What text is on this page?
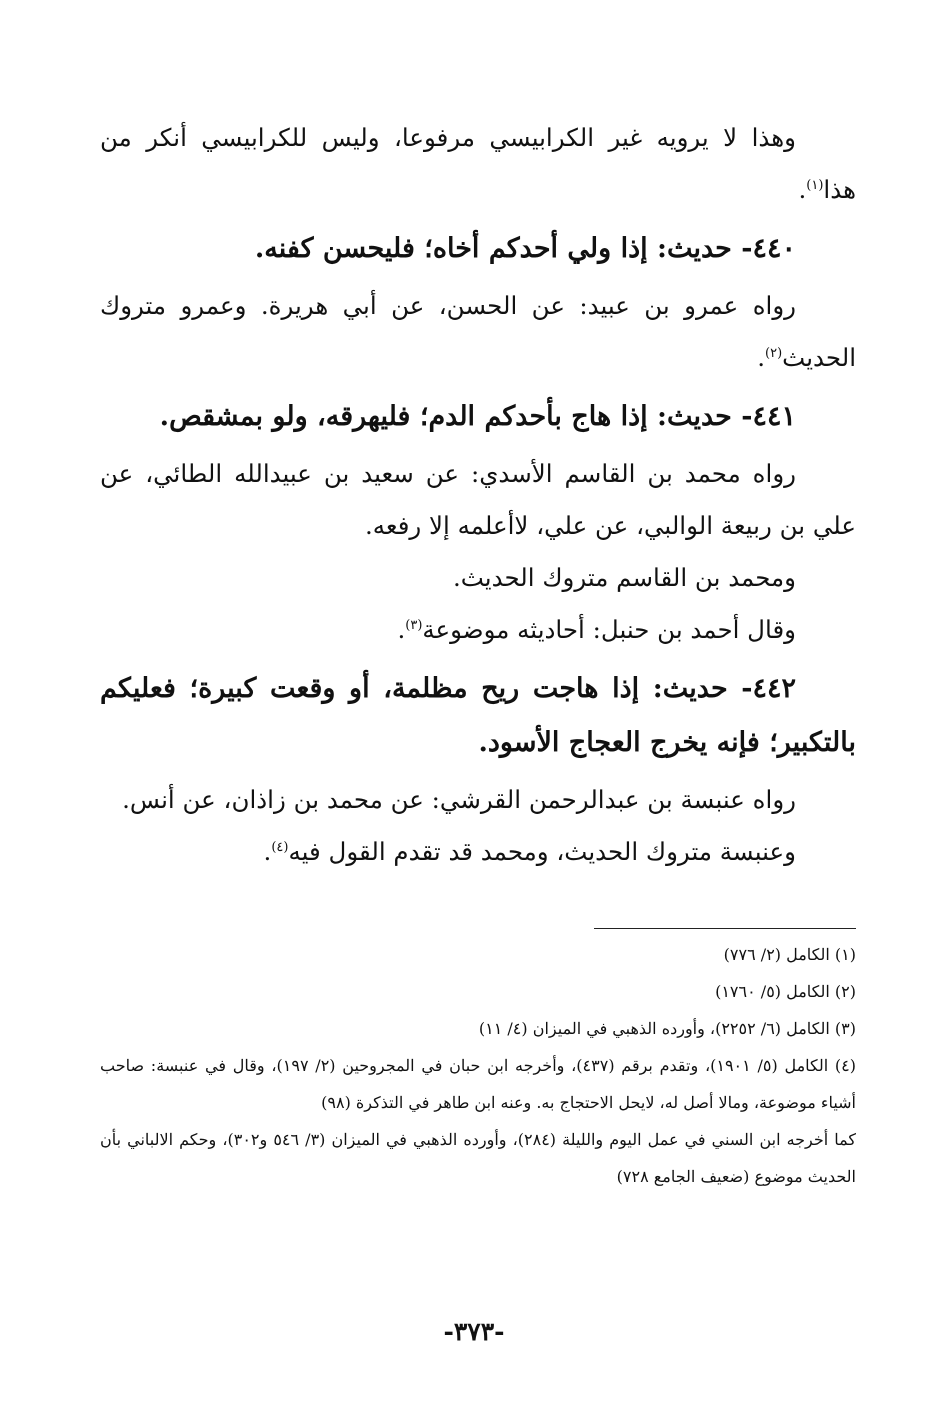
وهذا لا يرويه غير الكرابيسي مرفوعا، وليس للكرابيسي أنكر من هذا$^{(١)}$.

٤٤٠- حديث: إذا ولي أحدكم أخاه؛ فليحسن كفنه.

رواه عمرو بن عبيد: عن الحسن، عن أبي هريرة. وعمرو متروك الحديث$^{(٢)}$.

٤٤١- حديث: إذا هاج بأحدكم الدم؛ فليهرقه، ولو بمشقص.

رواه محمد بن القاسم الأسدي: عن سعيد بن عبيدالله الطائي، عن علي بن ربيعة الوالبي، عن علي، لاأعلمه إلا رفعه.

ومحمد بن القاسم متروك الحديث.

وقال أحمد بن حنبل: أحاديثه موضوعة$^{(٣)}$.

٤٤٢- حديث: إذا هاجت ريح مظلمة، أو وقعت كبيرة؛ فعليكم بالتكبير؛ فإنه يخرج العجاج الأسود.

رواه عنبسة بن عبدالرحمن القرشي: عن محمد بن زاذان، عن أنس.

وعنبسة متروك الحديث، ومحمد قد تقدم القول فيه$^{(٤)}$.

(١) الكامل (٢/ ٧٧٦)

(٢) الكامل (٥/ ١٧٦٠)

(٣) الكامل (٦/ ٢٢٥٢)، وأورده الذهبي في الميزان (٤/ ١١)

(٤) الكامل (٥/ ١٩٠١)، وتقدم برقم (٤٣٧)، وأخرجه ابن حبان في المجروحين (٢/ ١٩٧)، وقال في عنبسة: صاحب أشياء موضوعة، ومالا أصل له، لايحل الاحتجاج به. وعنه ابن طاهر في التذكرة (٩٨)

كما أخرجه ابن السني في عمل اليوم والليلة (٢٨٤)، وأورده الذهبي في الميزان (٣/ ٥٤٦ و٣٠٢)، وحكم الالباني بأن الحديث موضوع (ضعيف الجامع ٧٢٨)

-٣٧٣-
